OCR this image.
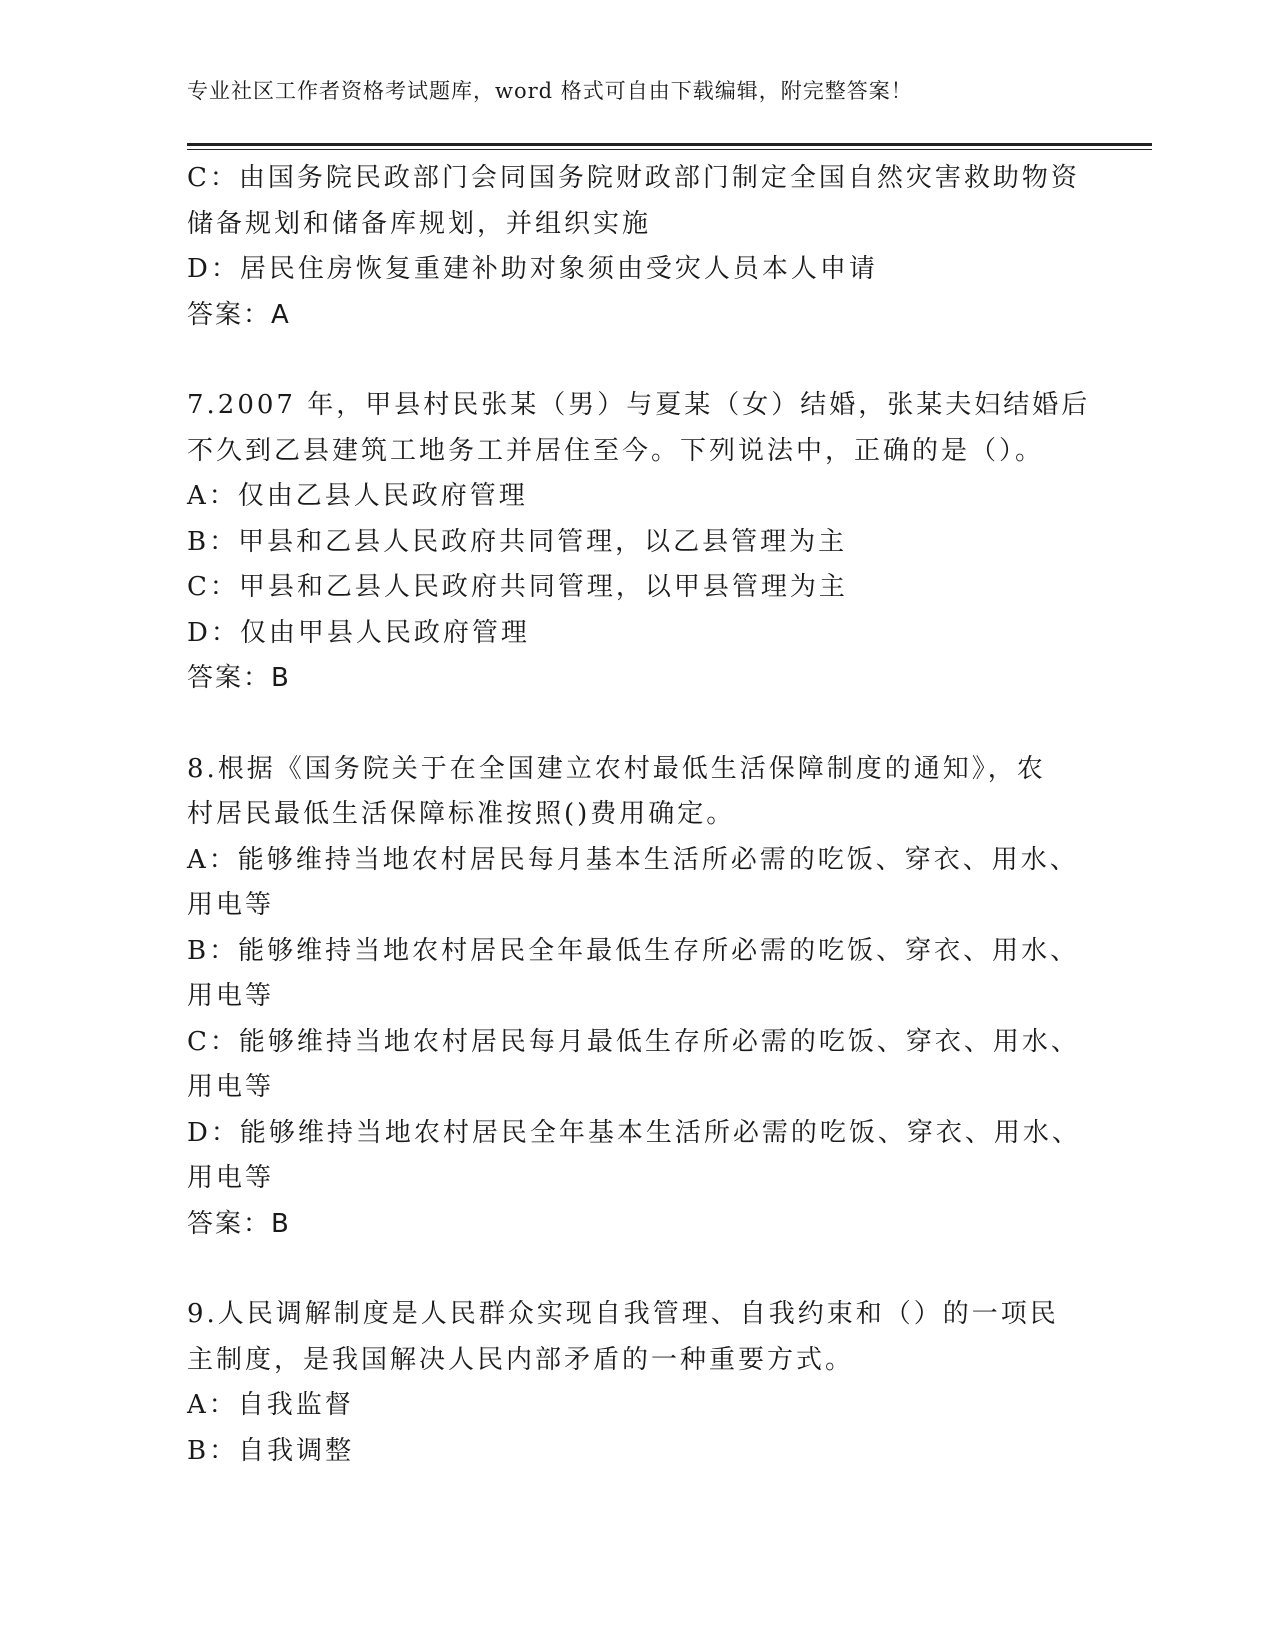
专业社区工作者资格考试题库，word 格式可自由下载编辑，附完整答案！
C：由国务院民政部门会同国务院财政部门制定全国自然灾害救助物资
储备规划和储备库规划，并组织实施
D：居民住房恢复重建补助对象须由受灾人员本人申请
答案：A
7.2007 年，甲县村民张某（男）与夏某（女）结婚，张某夫妇结婚后
不久到乙县建筑工地务工并居住至今。下列说法中，正确的是（）。
A：仅由乙县人民政府管理
B：甲县和乙县人民政府共同管理，以乙县管理为主
C：甲县和乙县人民政府共同管理，以甲县管理为主
D：仅由甲县人民政府管理
答案：B
8.根据《国务院关于在全国建立农村最低生活保障制度的通知》，农
村居民最低生活保障标准按照()费用确定。
A：能够维持当地农村居民每月基本生活所必需的吃饭、穿衣、用水、
用电等
B：能够维持当地农村居民全年最低生存所必需的吃饭、穿衣、用水、
用电等
C：能够维持当地农村居民每月最低生存所必需的吃饭、穿衣、用水、
用电等
D：能够维持当地农村居民全年基本生活所必需的吃饭、穿衣、用水、
用电等
答案：B
9.人民调解制度是人民群众实现自我管理、自我约束和（）的一项民
主制度，是我国解决人民内部矛盾的一种重要方式。
A：自我监督
B：自我调整
